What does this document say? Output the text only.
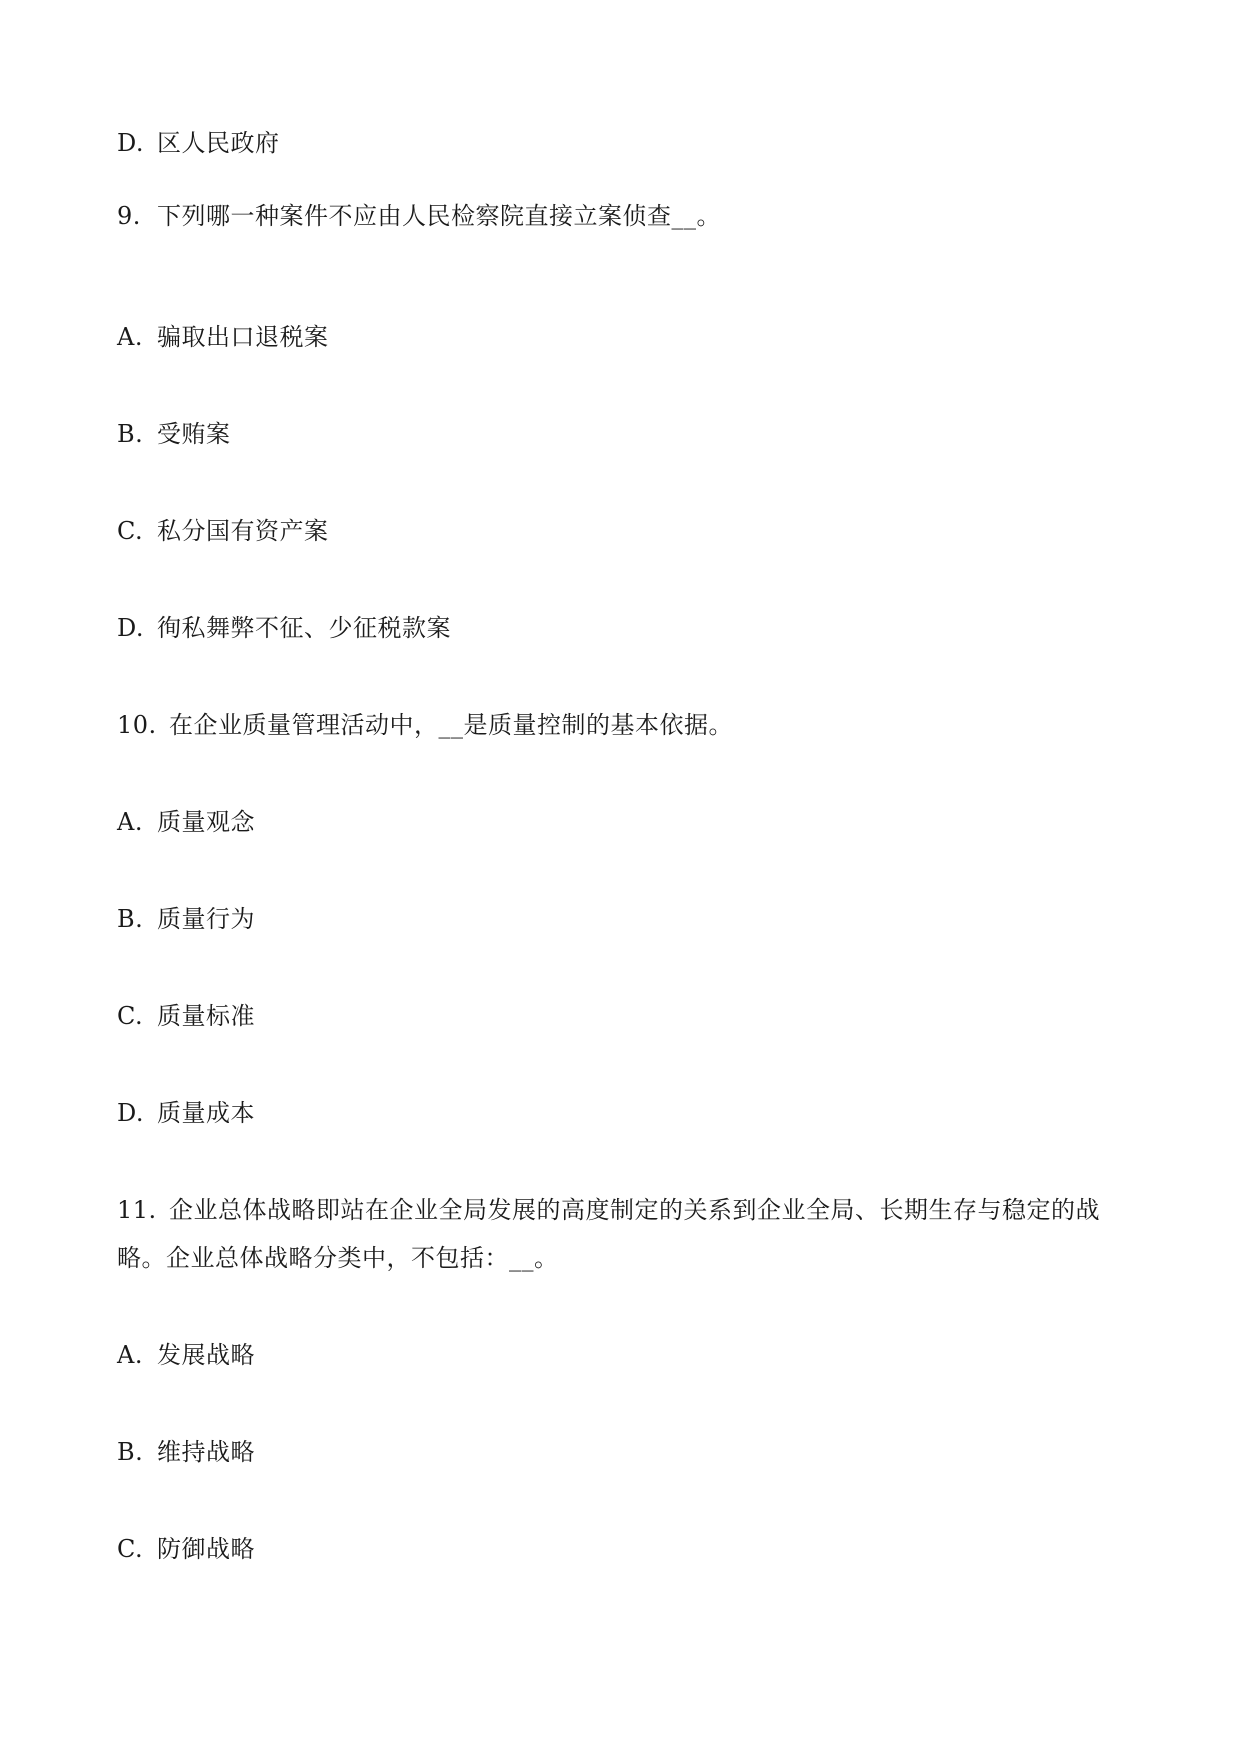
D. 区人民政府
9. 下列哪一种案件不应由人民检察院直接立案侦查__。
A. 骗取出口退税案
B. 受贿案
C. 私分国有资产案
D. 徇私舞弊不征、少征税款案
10. 在企业质量管理活动中，__是质量控制的基本依据。
A. 质量观念
B. 质量行为
C. 质量标准
D. 质量成本
11. 企业总体战略即站在企业全局发展的高度制定的关系到企业全局、长期生存与稳定的战略。企业总体战略分类中，不包括：__。
A. 发展战略
B. 维持战略
C. 防御战略
